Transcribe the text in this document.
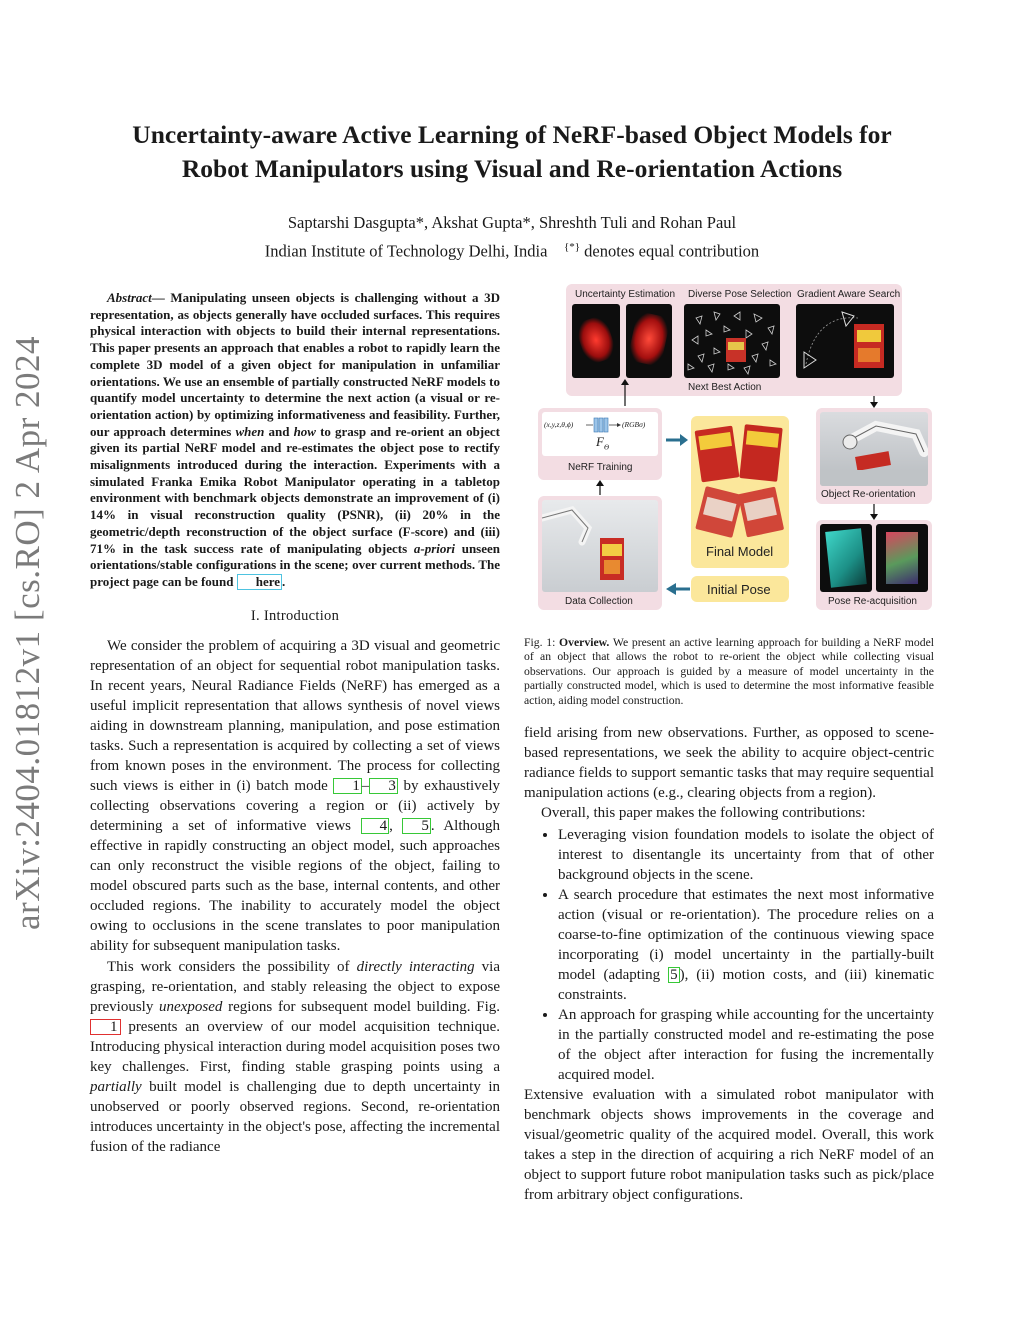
arXiv:2404.01812v1 [cs.RO] 2 Apr 2024
Uncertainty-aware Active Learning of NeRF-based Object Models for
Robot Manipulators using Visual and Re-orientation Actions
Saptarshi Dasgupta*, Akshat Gupta*, Shreshth Tuli and Rohan Paul
Indian Institute of Technology Delhi, India {*} denotes equal contribution

Abstract— Manipulating unseen objects is challenging without a 3D representation, as objects generally have occluded surfaces. This requires physical interaction with objects to build their internal representations. This paper presents an approach that enables a robot to rapidly learn the complete 3D model of a given object for manipulation in unfamiliar orientations. We use an ensemble of partially constructed NeRF models to quantify model uncertainty to determine the next action (a visual or re-orientation action) by optimizing informativeness and feasibility. Further, our approach determines when and how to grasp and re-orient an object given its partial NeRF model and re-estimates the object pose to rectify misalignments introduced during the interaction. Experiments with a simulated Franka Emika Robot Manipulator operating in a tabletop environment with benchmark objects demonstrate an improvement of (i) 14% in visual reconstruction quality (PSNR), (ii) 20% in the geometric/depth reconstruction of the object surface (F-score) and (iii) 71% in the task success rate of manipulating objects a-priori unseen orientations/stable configurations in the scene; over current methods. The project page can be found here .

I. Introduction

We consider the problem of acquiring a 3D visual and geometric representation of an object for sequential robot manipulation tasks. In recent years, Neural Radiance Fields (NeRF) has emerged as a useful implicit representation that allows synthesis of novel views aiding in downstream planning, manipulation, and pose estimation tasks. Such a representation is acquired by collecting a set of views from known poses in the environment. The process for collecting such views is either in (i) batch mode 1 – 3 by exhaustively collecting observations covering a region or (ii) actively by determining a set of informative views 4 , 5 . Although effective in rapidly constructing an object model, such approaches can only reconstruct the visible regions of the object, failing to model obscured parts such as the base, internal contents, and other occluded regions. The inability to accurately model the object owing to occlusions in the scene translates to poor manipulation ability for subsequent manipulation tasks.

This work considers the possibility of directly interacting via grasping, re-orientation, and stably releasing the object to expose previously unexposed regions for subsequent model building. Fig. 1 presents an overview of our model acquisition technique. Introducing physical interaction during model acquisition poses two key challenges. First, finding stable grasping points using a partially built model is challenging due to depth uncertainty in unobserved or poorly observed regions. Second, re-orientation introduces uncertainty in the object's pose, affecting the incremental fusion of the radiance

Uncertainty Estimation Diverse Pose Selection Gradient Aware Search
Next Best Action
(x,y,z,θ,ϕ)	(RGBσ)
$F_\Theta$
NeRF Training
Data Collection
Final Model
Initial Pose
Object Re-orientation
Pose Re-acquisition
Fig. 1: Overview. We present an active learning approach for building a NeRF model of an object that allows the robot to re-orient the object while collecting visual observations. Our approach is guided by a measure of model uncertainty in the partially constructed model, which is used to determine the most informative feasible action, aiding model construction.

field arising from new observations. Further, as opposed to scene-based representations, we seek the ability to acquire object-centric radiance fields to support semantic tasks that may require sequential manipulation actions (e.g., clearing objects from a region).

Overall, this paper makes the following contributions:

• Leveraging vision foundation models to isolate the object of interest to disentangle its uncertainty from that of other background objects in the scene.
• A search procedure that estimates the next most informative action (visual or re-orientation). The procedure relies on a coarse-to-fine optimization of the continuous viewing space incorporating (i) model uncertainty in the partially-built model (adapting 5 ), (ii) motion costs, and (iii) kinematic constraints.
• An approach for grasping while accounting for the uncertainty in the partially constructed model and re-estimating the pose of the object after interaction for fusing the incrementally acquired model.

Extensive evaluation with a simulated robot manipulator with benchmark objects shows improvements in the coverage and visual/geometric quality of the acquired model. Overall, this work takes a step in the direction of acquiring a rich NeRF model of an object to support future robot manipulation tasks such as pick/place from arbitrary object configurations.
